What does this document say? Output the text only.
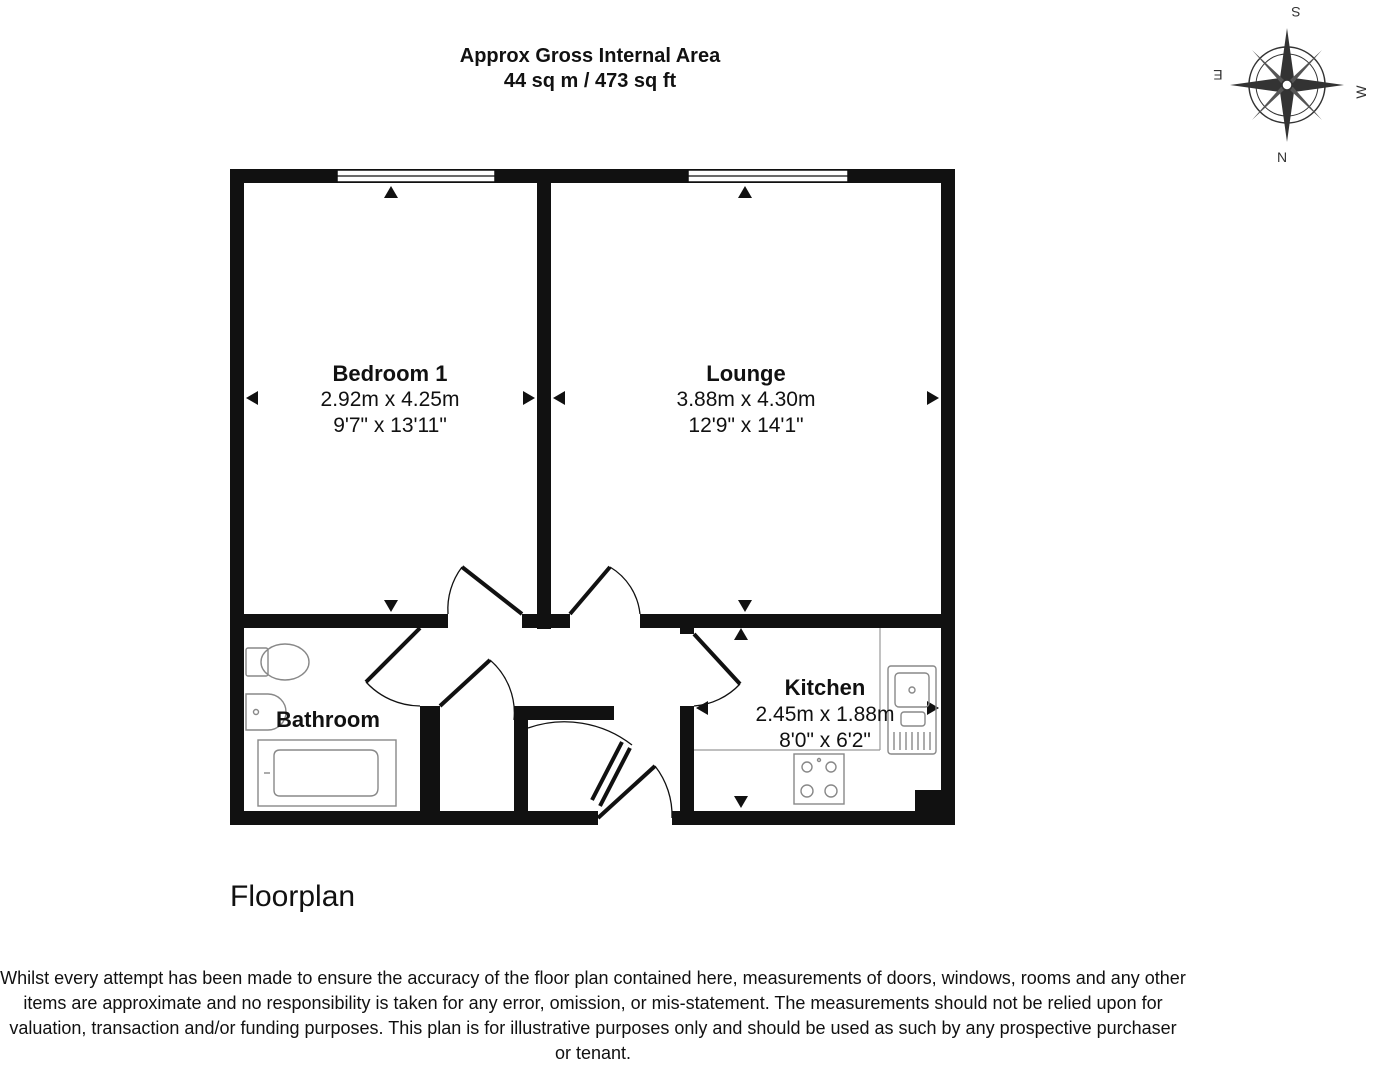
Approx Gross Internal Area
44 sq m / 473 sq ft
S
N
E
W
Bedroom 1
2.92m x 4.25m
9'7" x 13'11"
Lounge
3.88m x 4.30m
12'9" x 14'1"
Kitchen
2.45m x 1.88m
8'0" x 6'2"
Bathroom
Floorplan
Whilst every attempt has been made to ensure the accuracy of the floor plan contained here, measurements of doors, windows, rooms and any other items are approximate and no responsibility is taken for any error, omission, or mis-statement. The measurements should not be relied upon for valuation, transaction and/or funding purposes. This plan is for illustrative purposes only and should be used as such by any prospective purchaser or tenant.
